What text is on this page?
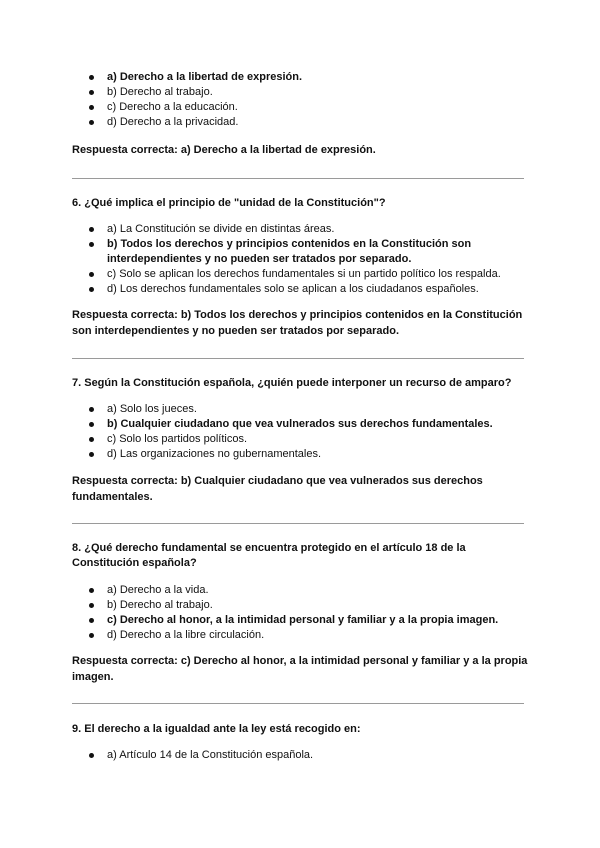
a) Derecho a la libertad de expresión.
b) Derecho al trabajo.
c) Derecho a la educación.
d) Derecho a la privacidad.
Respuesta correcta: a) Derecho a la libertad de expresión.
6. ¿Qué implica el principio de "unidad de la Constitución"?
a) La Constitución se divide en distintas áreas.
b) Todos los derechos y principios contenidos en la Constitución son interdependientes y no pueden ser tratados por separado.
c) Solo se aplican los derechos fundamentales si un partido político los respalda.
d) Los derechos fundamentales solo se aplican a los ciudadanos españoles.
Respuesta correcta: b) Todos los derechos y principios contenidos en la Constitución son interdependientes y no pueden ser tratados por separado.
7. Según la Constitución española, ¿quién puede interponer un recurso de amparo?
a) Solo los jueces.
b) Cualquier ciudadano que vea vulnerados sus derechos fundamentales.
c) Solo los partidos políticos.
d) Las organizaciones no gubernamentales.
Respuesta correcta: b) Cualquier ciudadano que vea vulnerados sus derechos fundamentales.
8. ¿Qué derecho fundamental se encuentra protegido en el artículo 18 de la Constitución española?
a) Derecho a la vida.
b) Derecho al trabajo.
c) Derecho al honor, a la intimidad personal y familiar y a la propia imagen.
d) Derecho a la libre circulación.
Respuesta correcta: c) Derecho al honor, a la intimidad personal y familiar y a la propia imagen.
9. El derecho a la igualdad ante la ley está recogido en:
a) Artículo 14 de la Constitución española.
